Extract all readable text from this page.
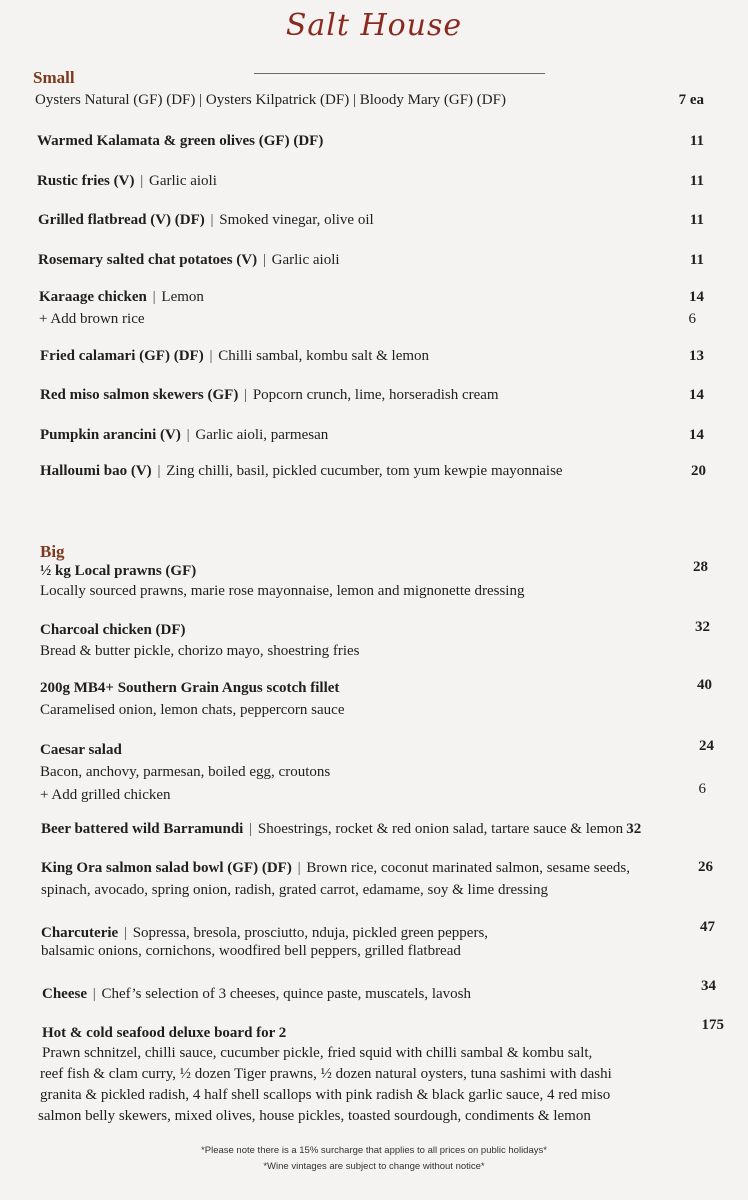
Salt House
Small
Oysters Natural (GF) (DF) | Oysters Kilpatrick (DF) | Bloody Mary (GF) (DF)	7 ea
Warmed Kalamata & green olives (GF) (DF)	11
Rustic fries (V) | Garlic aioli	11
Grilled flatbread (V) (DF) | Smoked vinegar, olive oil	11
Rosemary salted chat potatoes (V) | Garlic aioli	11
Karaage chicken | Lemon	14
+ Add brown rice	6
Fried calamari (GF) (DF) | Chilli sambal, kombu salt & lemon	13
Red miso salmon skewers (GF) | Popcorn crunch, lime, horseradish cream	14
Pumpkin arancini (V) | Garlic aioli, parmesan	14
Halloumi bao (V) | Zing chilli, basil, pickled cucumber, tom yum kewpie mayonnaise	20
Big
½ kg Local prawns (GF)	28
Locally sourced prawns, marie rose mayonnaise, lemon and mignonette dressing
Charcoal chicken (DF)	32
Bread & butter pickle, chorizo mayo, shoestring fries
200g MB4+ Southern Grain Angus scotch fillet	40
Caramelised onion, lemon chats, peppercorn sauce
Caesar salad	24
Bacon, anchovy, parmesan, boiled egg, croutons
+ Add grilled chicken	6
Beer battered wild Barramundi | Shoestrings, rocket & red onion salad, tartare sauce & lemon 32
King Ora salmon salad bowl (GF) (DF) | Brown rice, coconut marinated salmon, sesame seeds,	26
spinach, avocado, spring onion, radish, grated carrot, edamame, soy & lime dressing
Charcuterie | Sopressa, bresola, prosciutto, nduja, pickled green peppers,	47
balsamic onions, cornichons, woodfired bell peppers, grilled flatbread
Cheese | Chef’s selection of 3 cheeses, quince paste, muscatels, lavosh	34
Hot & cold seafood deluxe board for 2	175
Prawn schnitzel, chilli sauce, cucumber pickle, fried squid with chilli sambal & kombu salt,
reef fish & clam curry, ½ dozen Tiger prawns, ½ dozen natural oysters, tuna sashimi with dashi
granita & pickled radish, 4 half shell scallops with pink radish & black garlic sauce, 4 red miso
salmon belly skewers, mixed olives, house pickles, toasted sourdough, condiments & lemon
*Please note there is a 15% surcharge that applies to all prices on public holidays*
*Wine vintages are subject to change without notice*
